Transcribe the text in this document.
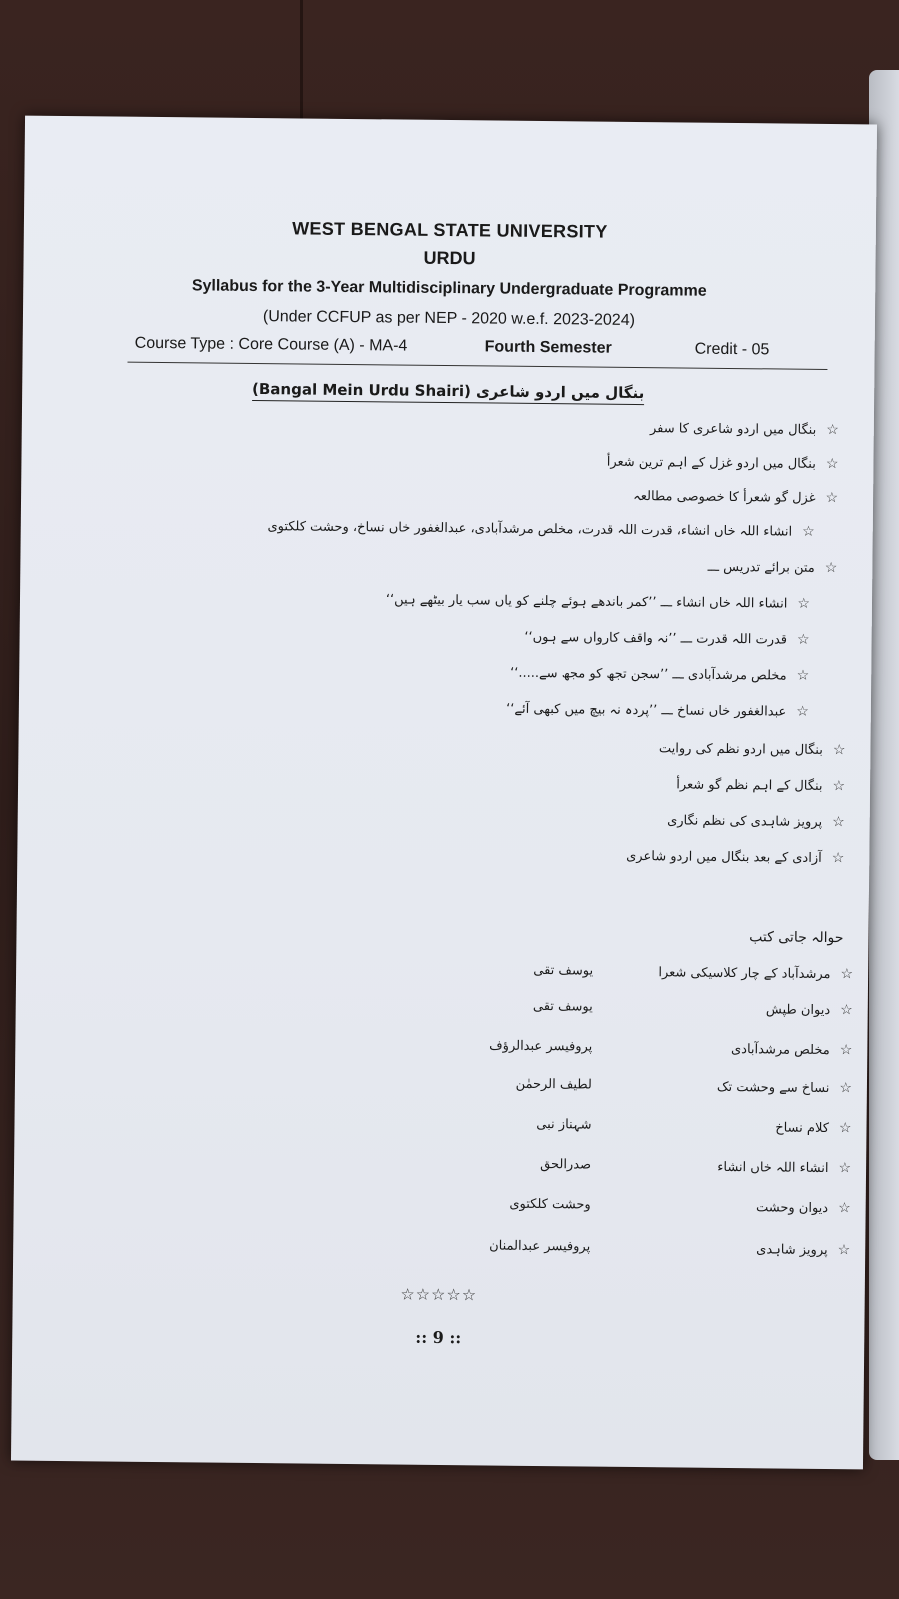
WEST BENGAL STATE UNIVERSITY
URDU
Syllabus for the 3-Year Multidisciplinary Undergraduate Programme
(Under CCFUP as per NEP - 2020 w.e.f. 2023-2024)
Course Type : Core Course (A) - MA-4	Fourth Semester	Credit - 05
(Bangal Mein Urdu Shairi) بنگال میں اردو شاعری
☆بنگال میں اردو شاعری کا سفر
☆بنگال میں اردو غزل کے اہم ترین شعرأ
☆غزل گو شعرأ کا خصوصی مطالعہ
☆انشاء اللہ خاں انشاء، قدرت اللہ قدرت، مخلص مرشدآبادی، عبدالغفور خاں نساخ، وحشت کلکتوی
☆متن برائے تدریس ـــ
☆انشاء اللہ خاں انشاء ـــ ’’کمر باندھے ہوئے چلنے کو یاں سب یار بیٹھے ہیں‘‘
☆قدرت اللہ قدرت ـــ ’’نہ واقف کارواں سے ہوں‘‘
☆مخلص مرشدآبادی ـــ ’’سجن تجھ کو مجھ سے.....‘‘
☆عبدالغفور خاں نساخ ـــ ’’پردہ نہ بیچ میں کبھی آئے‘‘
☆بنگال میں اردو نظم کی روایت
☆بنگال کے اہم نظم گو شعرأ
☆پرویز شاہدی کی نظم نگاری
☆آزادی کے بعد بنگال میں اردو شاعری
حوالہ جاتی کتب
☆مرشدآباد کے چار کلاسیکی شعرا
یوسف تقی
☆دیوان طپش
یوسف تقی
☆مخلص مرشدآبادی
پروفیسر عبدالرؤف
☆نساخ سے وحشت تک
لطیف الرحمٰن
☆کلام نساخ
شہناز نبی
☆انشاء اللہ خاں انشاء
صدرالحق
☆دیوان وحشت
وحشت کلکتوی
☆پرویز شاہدی
پروفیسر عبدالمنان
☆☆☆☆☆
:: 9 ::
